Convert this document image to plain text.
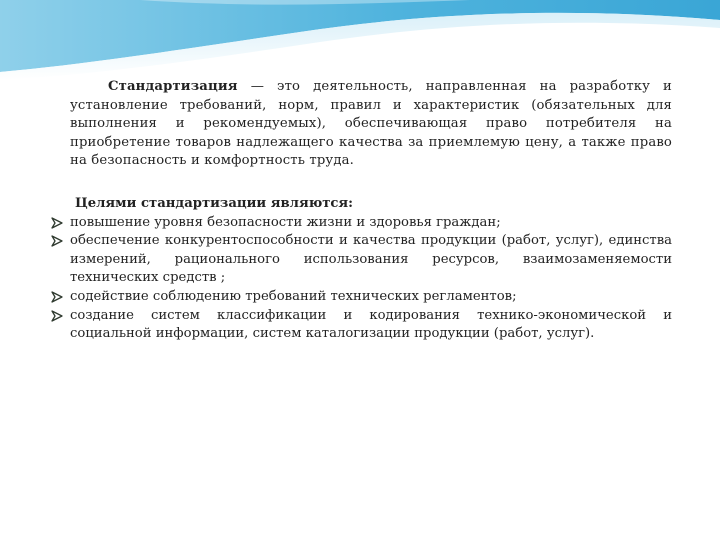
Стандартизация — это деятельность, направленная на разработку и установление требований, норм, правил и характеристик (обязательных для выполнения и рекомендуемых), обеспечивающая право потребителя на приобретение товаров надлежащего качества за приемлемую цену, а также право на безопасность и комфортность труда.

Целями стандартизации являются:
повышение уровня безопасности жизни и здоровья граждан;
обеспечение конкурентоспособности и качества продукции (работ, услуг), единства измерений, рационального использования ресурсов, взаимозаменяемости технических средств ;
содействие соблюдению требований технических регламентов;
создание систем классификации и кодирования технико-экономической и социальной информации, систем каталогизации продукции (работ, услуг).
